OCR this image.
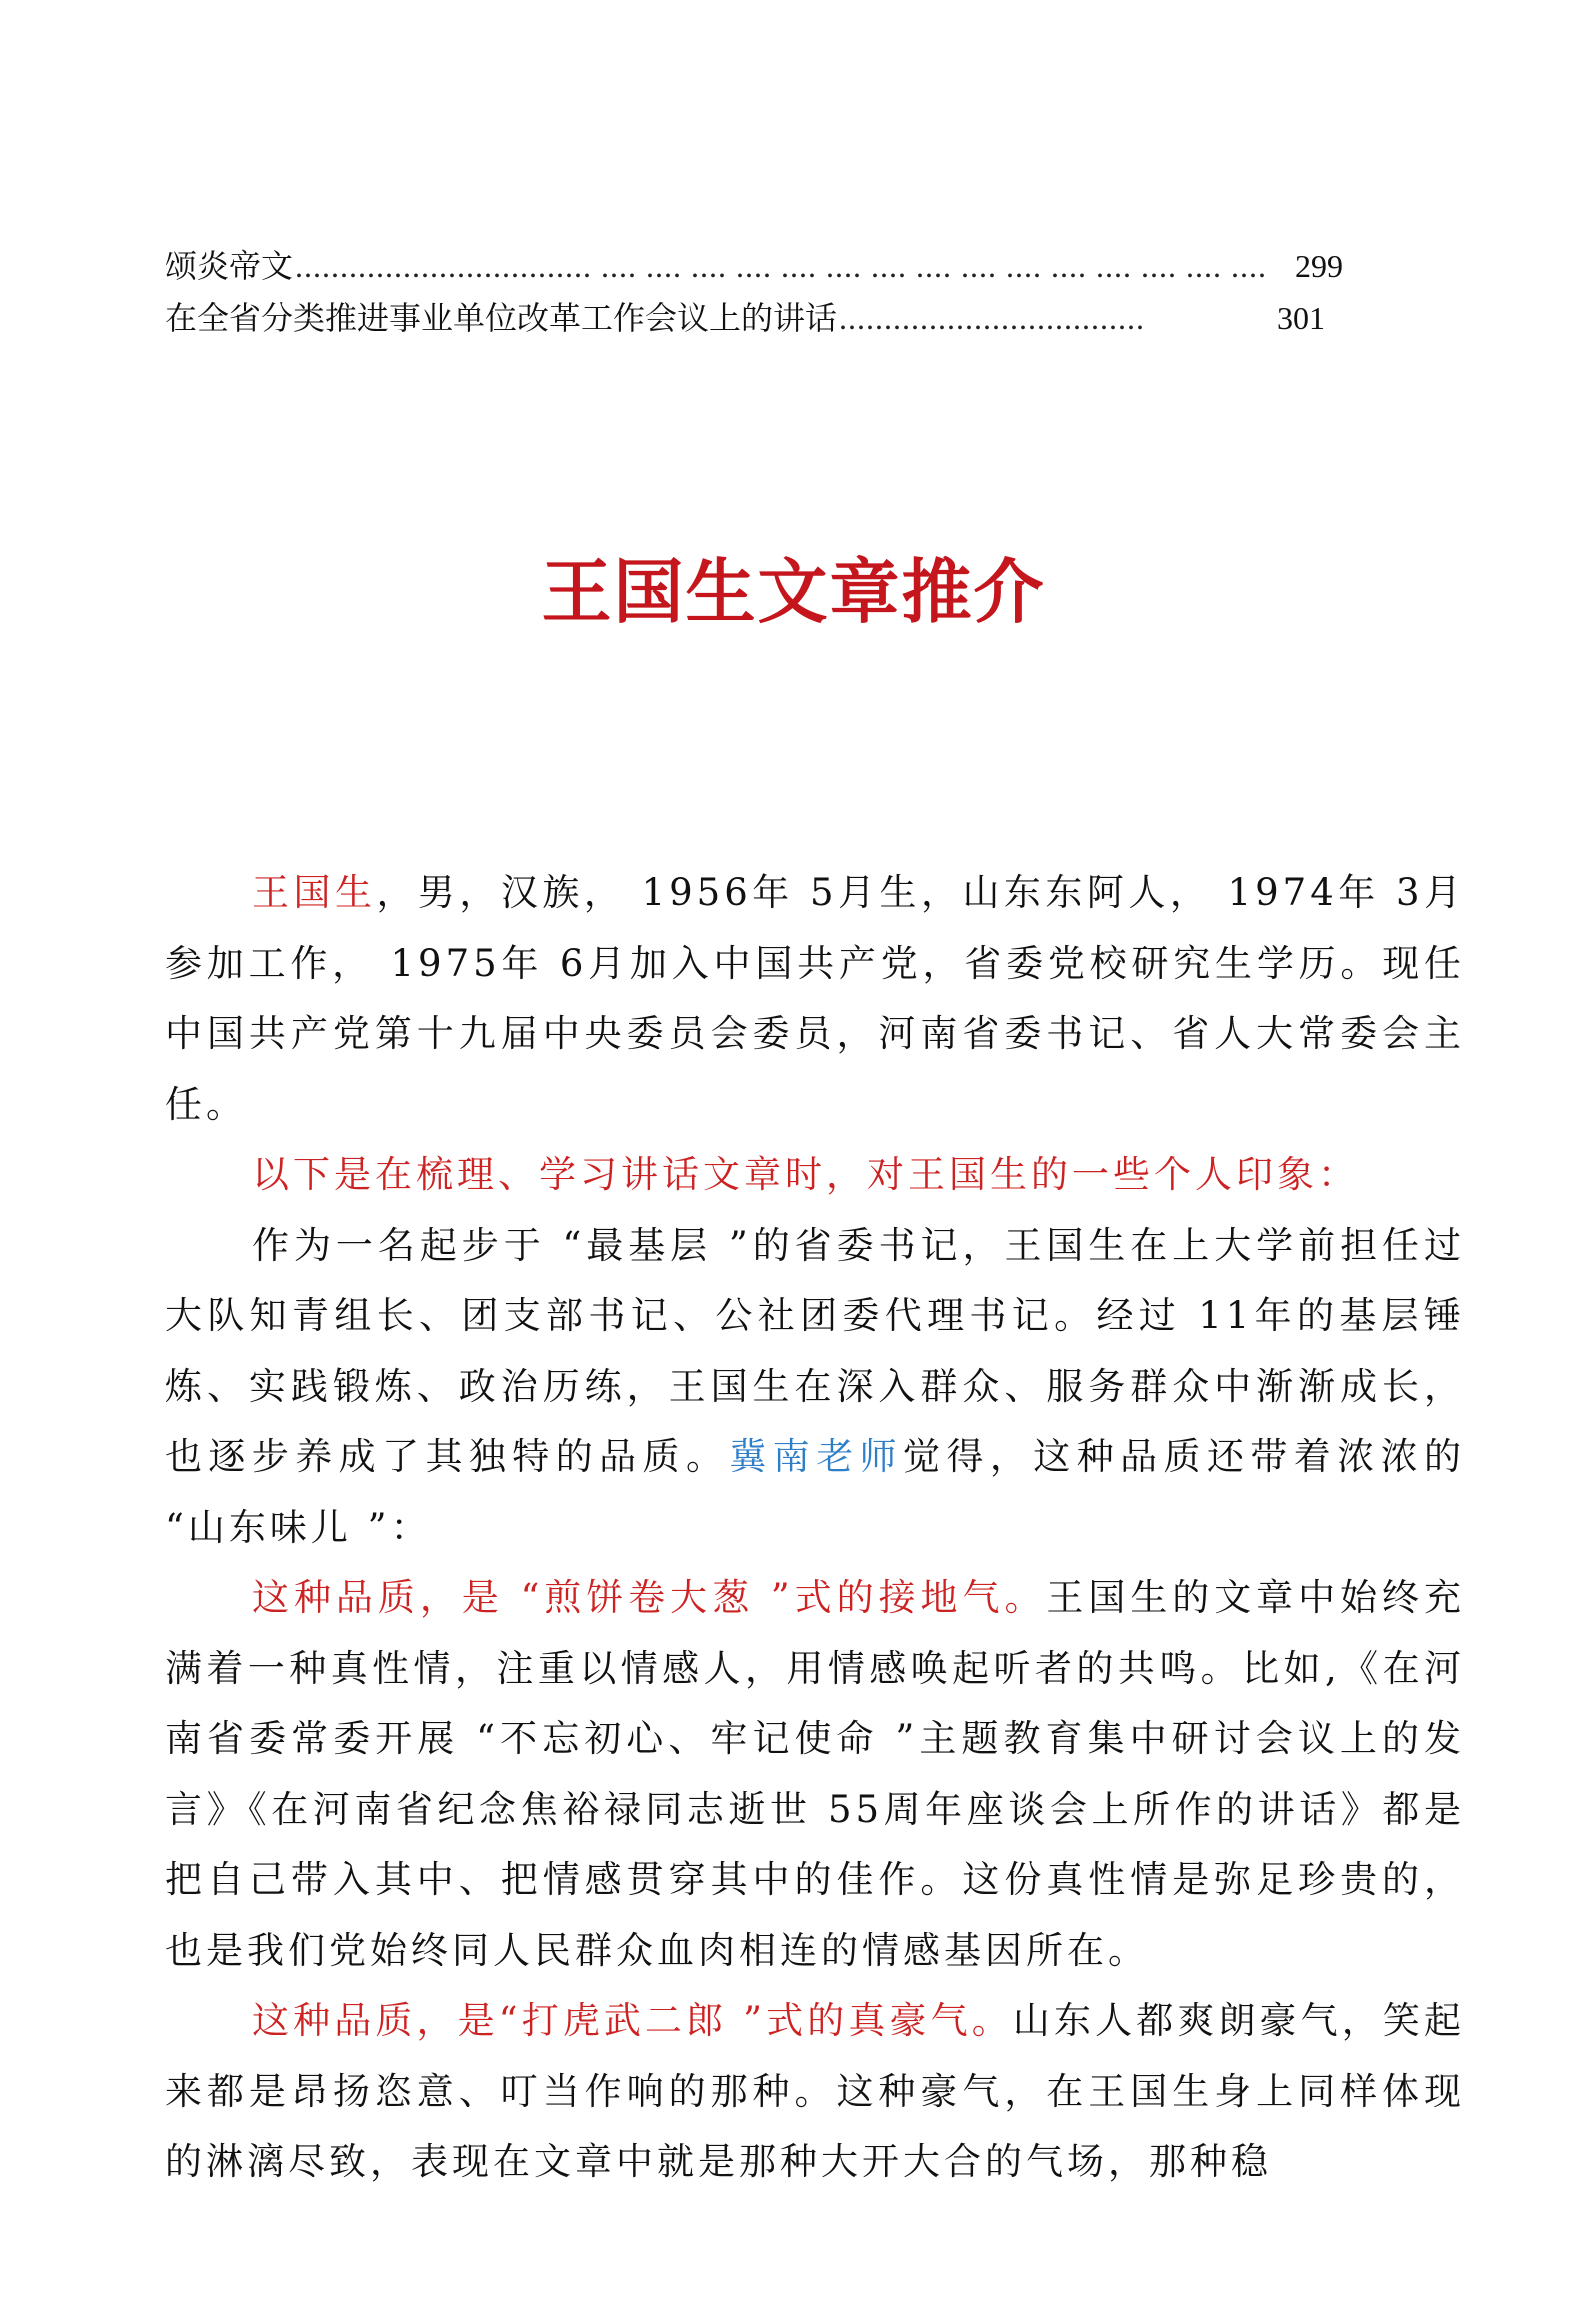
颂炎帝文 ................................. .... .... .... .... .... .... .... .... .... .... .... .... .... .... .... 299
在全省分类推进事业单位改革工作会议上的讲话 ..................................	301
王国生文章推介

王国生，男，汉族， 1956年 5月生，山东东阿人， 1974年 3月参加工作， 1975年 6月加入中国共产党，省委党校研究生学历。现任中国共产党第十九届中央委员会委员，河南省委书记、省人大常委会主任。

以下是在梳理、学习讲话文章时，对王国生的一些个人印象：

作为一名起步于 “最基层 ”的省委书记，王国生在上大学前担任过大队知青组长、团支部书记、公社团委代理书记。经过 11年的基层锤炼、实践锻炼、政治历练，王国生在深入群众、服务群众中渐渐成长，也逐步养成了其独特的品质。冀南老师觉得，这种品质还带着浓浓的 “山东味儿 ”：

这种品质，是 “煎饼卷大葱 ”式的接地气。王国生的文章中始终充满着一种真性情，注重以情感人，用情感唤起听者的共鸣。比如,《在河南省委常委开展 “不忘初心、牢记使命 ”主题教育集中研讨会议上的发言》《在河南省纪念焦裕禄同志逝世 55周年座谈会上所作的讲话》都是把自己带入其中、把情感贯穿其中的佳作。这份真性情是弥足珍贵的，也是我们党始终同人民群众血肉相连的情感基因所在。

这种品质，是“打虎武二郎 ”式的真豪气。山东人都爽朗豪气，笑起来都是昂扬恣意、叮当作响的那种。这种豪气，在王国生身上同样体现的淋漓尽致，表现在文章中就是那种大开大合的气场，那种稳
